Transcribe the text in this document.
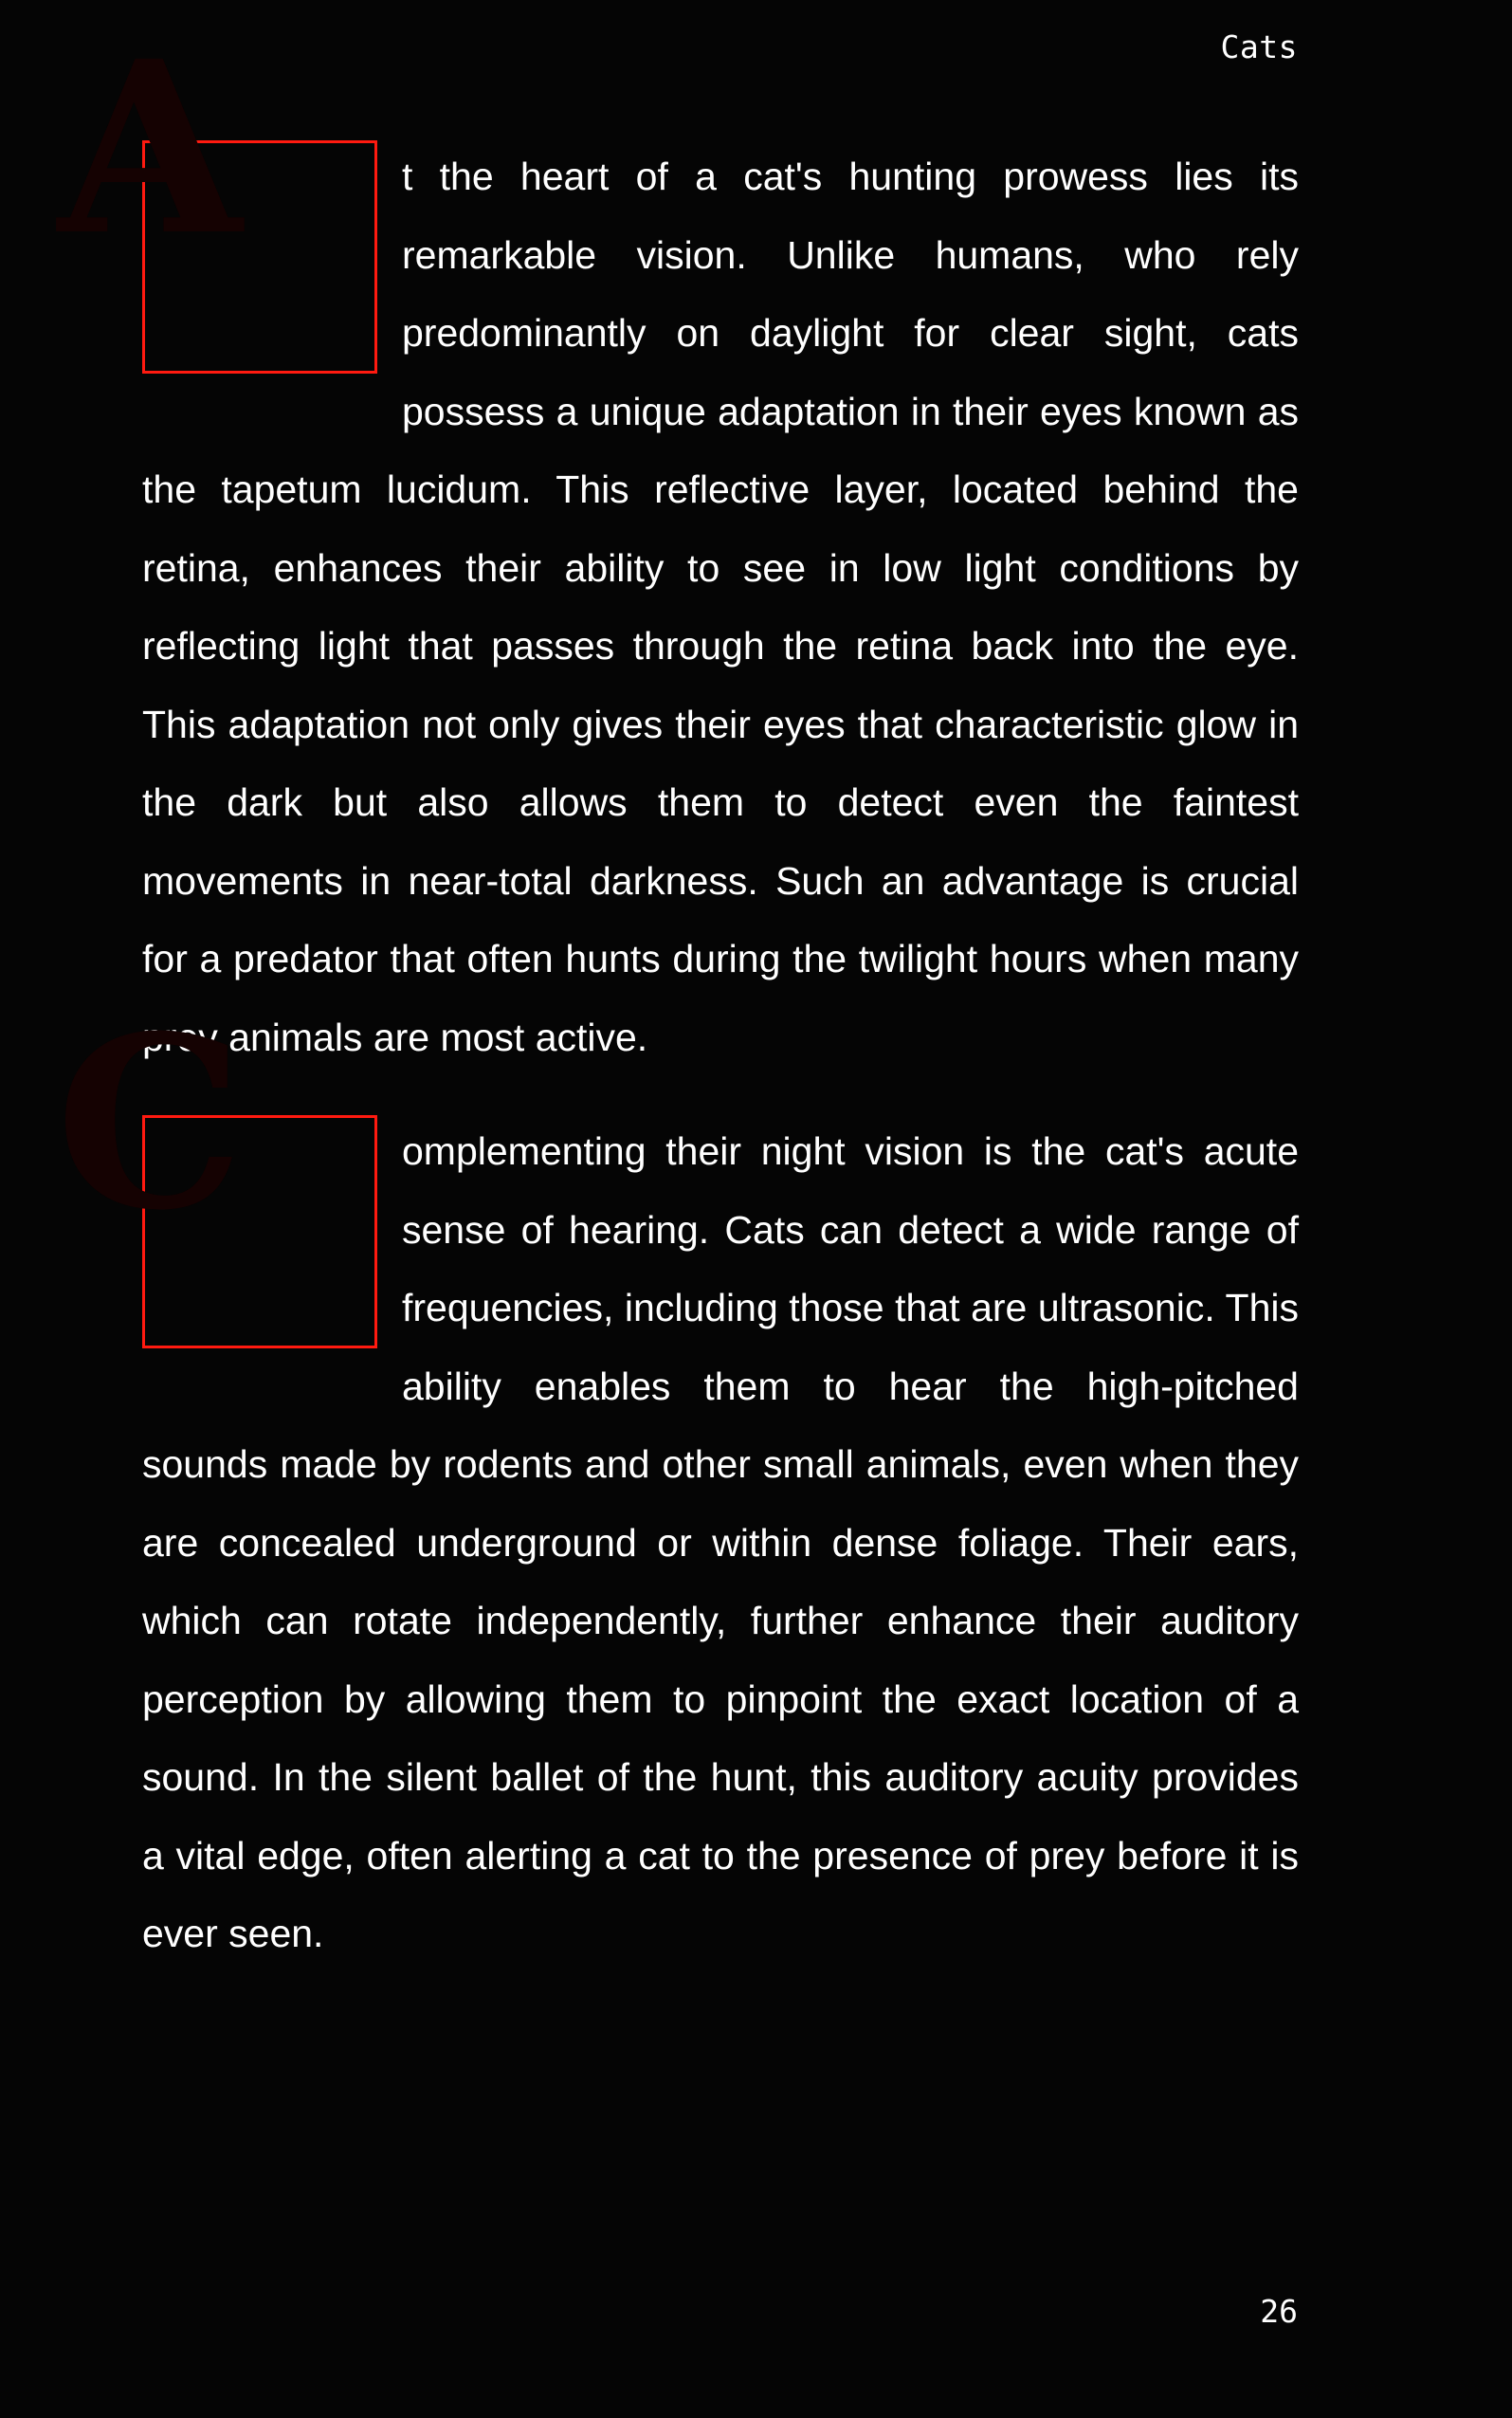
Cats

t the heart of a cat's hunting prowess lies its remarkable vision. Unlike humans, who rely predominantly on daylight for clear sight, cats possess a unique adaptation in their eyes known as the tapetum lucidum. This reflective layer, located behind the retina, enhances their ability to see in low light conditions by reflecting light that passes through the retina back into the eye. This adaptation not only gives their eyes that characteristic glow in the dark but also allows them to detect even the faintest movements in near-total darkness. Such an advantage is crucial for a predator that often hunts during the twilight hours when many prey animals are most active.

omplementing their night vision is the cat's acute sense of hearing. Cats can detect a wide range of frequencies, including those that are ultrasonic. This ability enables them to hear the high-pitched sounds made by rodents and other small animals, even when they are concealed underground or within dense foliage. Their ears, which can rotate independently, further enhance their auditory perception by allowing them to pinpoint the exact location of a sound. In the silent ballet of the hunt, this auditory acuity provides a vital edge, often alerting a cat to the presence of prey before it is ever seen.

26
